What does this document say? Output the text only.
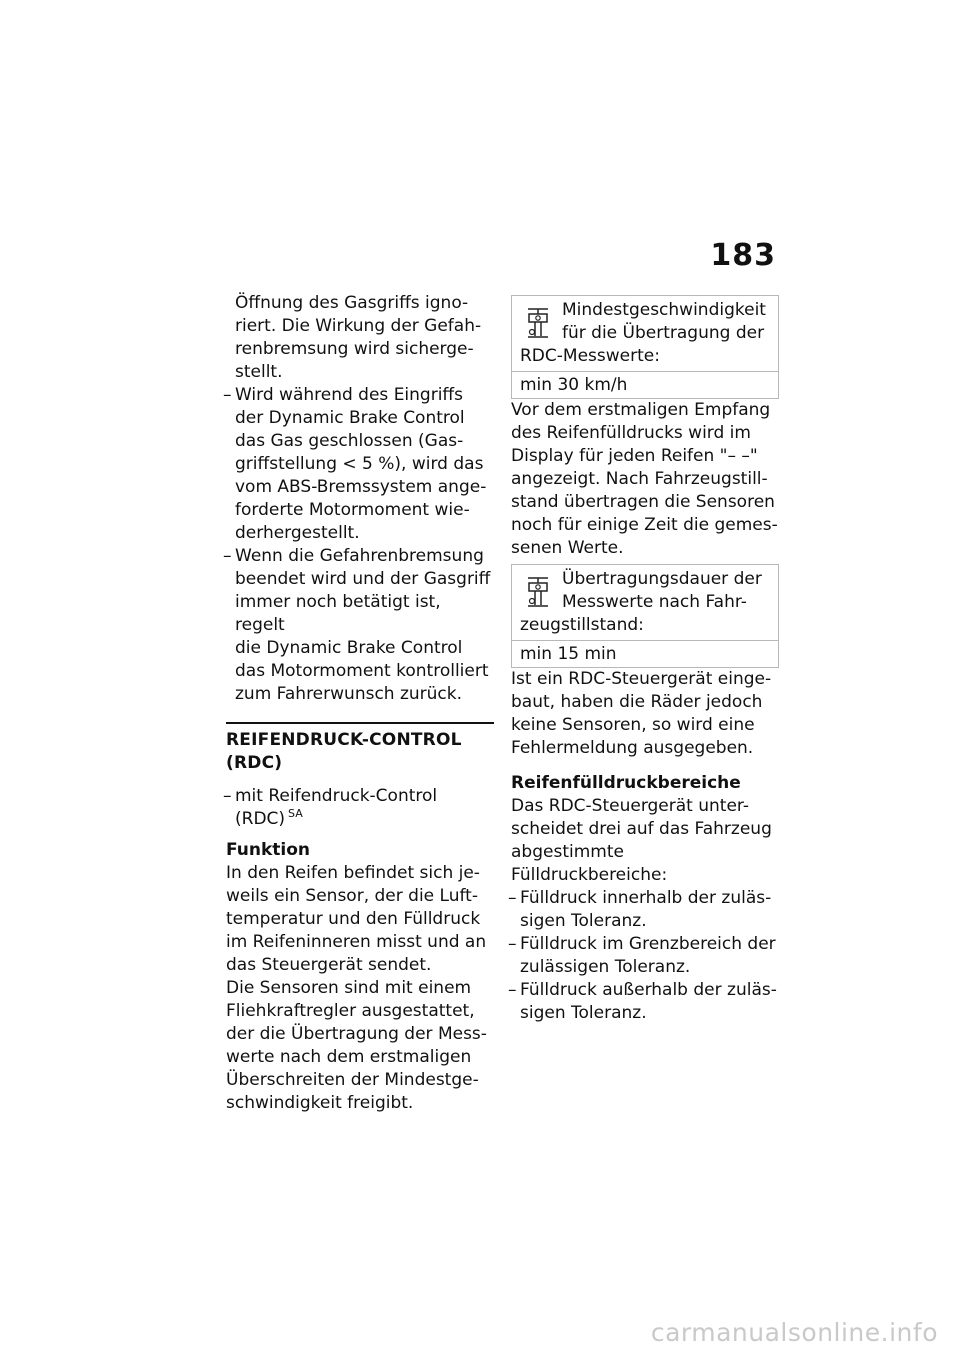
183

Öffnung des Gasgriffs igno-
riert. Die Wirkung der Gefah-
renbremsung wird sicherge-
stellt.

– Wird während des Eingriffs
der Dynamic Brake Control
das Gas geschlossen (Gas-
griffstellung < 5 %), wird das
vom ABS-Bremssystem ange-
forderte Motormoment wie-
derhergestellt.

– Wenn die Gefahrenbremsung
beendet wird und der Gasgriff
immer noch betätigt ist, regelt
die Dynamic Brake Control
das Motormoment kontrolliert
zum Fahrerwunsch zurück.

REIFENDRUCK-CONTROL
(RDC)

– mit Reifendruck-Control
(RDC) $^{SA}$

Funktion

In den Reifen befindet sich je-
weils ein Sensor, der die Luft-
temperatur und den Fülldruck
im Reifeninneren misst und an
das Steuergerät sendet.

Die Sensoren sind mit einem
Fliehkraftregler ausgestattet,
der die Übertragung der Mess-
werte nach dem erstmaligen
Überschreiten der Mindestge-
schwindigkeit freigibt.

Mindestgeschwindigkeit
für die Übertragung der
RDC-Messwerte:

min 30 km/h

Vor dem erstmaligen Empfang
des Reifenfülldrucks wird im
Display für jeden Reifen "– –"
angezeigt. Nach Fahrzeugstill-
stand übertragen die Sensoren
noch für einige Zeit die gemes-
senen Werte.

Übertragungsdauer der
Messwerte nach Fahr-
zeugstillstand:

min 15 min

Ist ein RDC-Steuergerät einge-
baut, haben die Räder jedoch
keine Sensoren, so wird eine
Fehlermeldung ausgegeben.

Reifenfülldruckbereiche

Das RDC-Steuergerät unter-
scheidet drei auf das Fahrzeug
abgestimmte Fülldruckbereiche:

– Fülldruck innerhalb der zuläs-
sigen Toleranz.

– Fülldruck im Grenzbereich der
zulässigen Toleranz.

– Fülldruck außerhalb der zuläs-
sigen Toleranz.

carmanualsonline.info
